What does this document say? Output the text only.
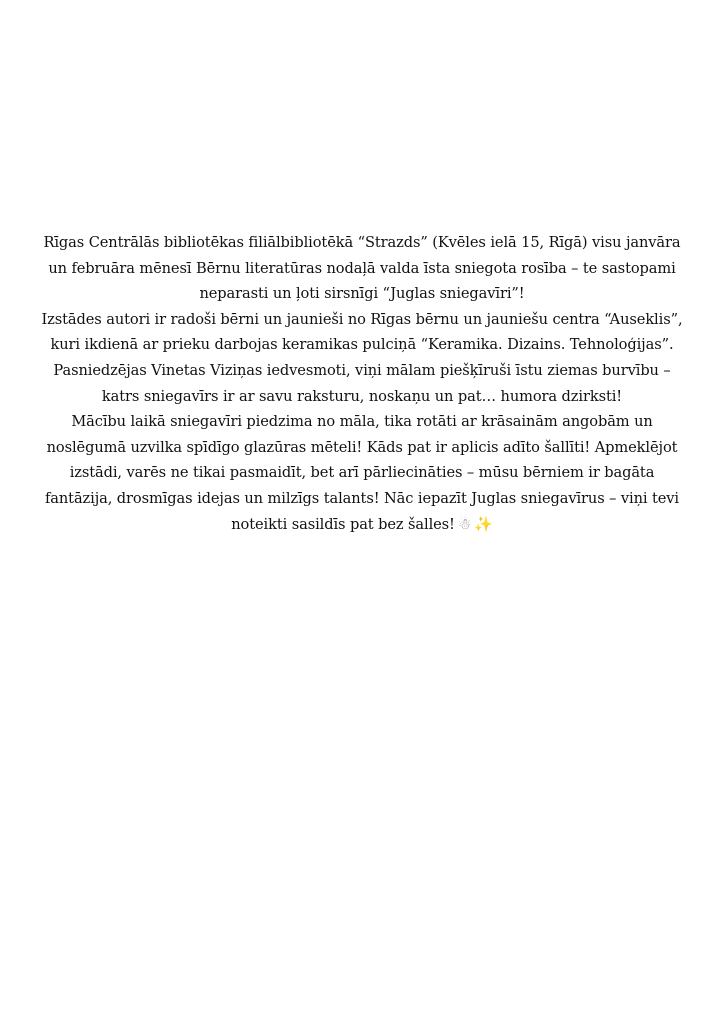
Rīgas Centrālās bibliotēkas filiālbibliotēkā “Strazds” (Kvēles ielā 15, Rīgā) visu janvāra un februāra mēnesī Bērnu literatūras nodaļā valda īsta sniegota rosība – te sastopami neparasti un ļoti sirsnīgi “Juglas sniegavīri”!

Izstādes autori ir radoši bērni un jaunieši no Rīgas bērnu un jauniešu centra “Auseklis”, kuri ikdienā ar prieku darbojas keramikas pulciņā “Keramika. Dizains. Tehnoloģijas”. Pasniedzējas Vinetas Viziņas iedvesmoti, viņi mālam piešķīruši īstu ziemas burvību – katrs sniegavīrs ir ar savu raksturu, noskaņu un pat… humora dzirksti!

Mācību laikā sniegavīri piedzima no māla, tika rotāti ar krāsainām angobām un noslēgumā uzvilka spīdīgo glazūras mēteli! Kāds pat ir aplicis adīto šallīti! Apmeklējot izstādi, varēs ne tikai pasmaidīt, bet arī pārliecināties – mūsu bērniem ir bagāta fantāzija, drosmīgas idejas un milzīgs talants! Nāc iepazīt Juglas sniegavīrus – viņi tevi noteikti sasildīs pat bez šalles! ☃ ✨
